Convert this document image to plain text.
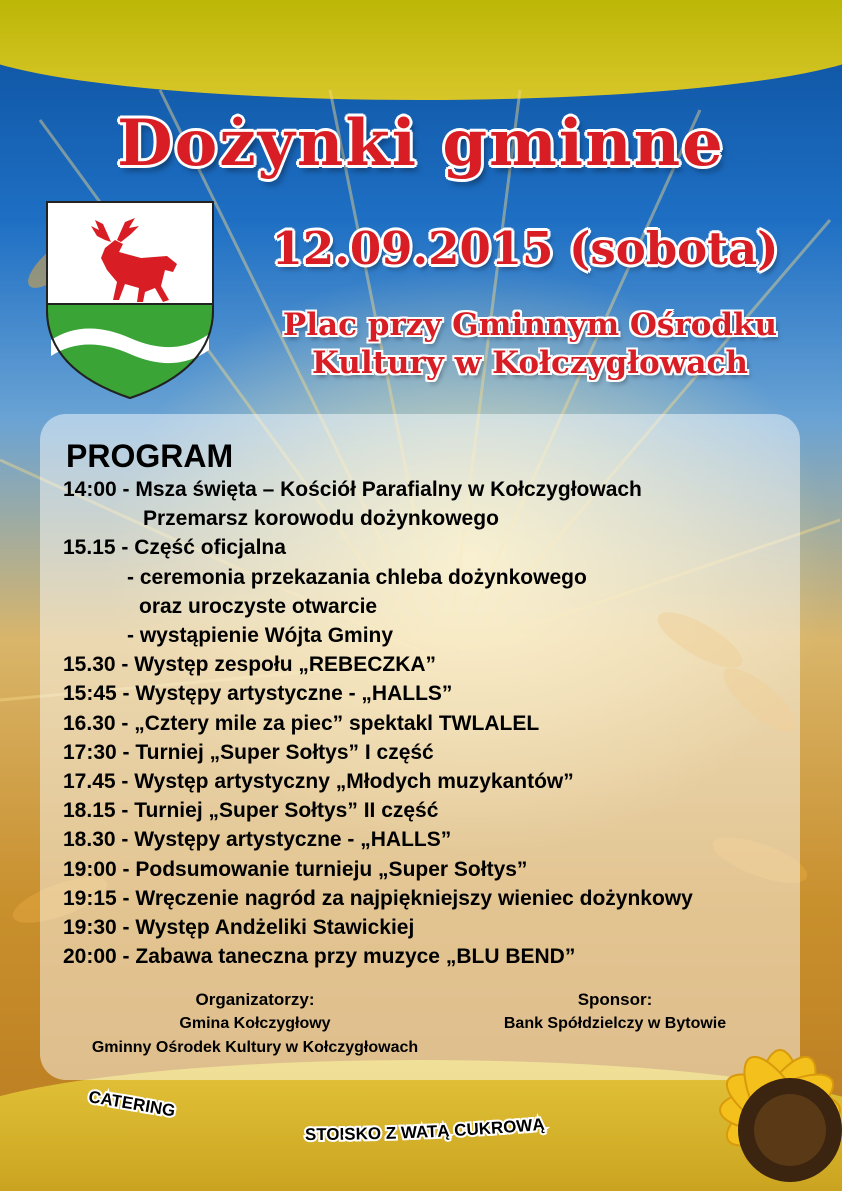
Dożynki gminne
12.09.2015 (sobota)
Plac przy Gminnym Ośrodku
Kultury w Kołczygłowach
PROGRAM
14:00 - Msza święta – Kościół Parafialny w Kołczygłowach
Przemarsz korowodu dożynkowego
15.15 - Część oficjalna
- ceremonia przekazania chleba dożynkowego
oraz uroczyste otwarcie
- wystąpienie Wójta Gminy
15.30 - Występ zespołu „REBECZKA”
15:45 - Występy artystyczne - „HALLS”
16.30 - „Cztery mile za piec” spektakl TWLALEL
17:30 - Turniej „Super Sołtys” I część
17.45 - Występ artystyczny „Młodych muzykantów”
18.15 - Turniej „Super Sołtys” II część
18.30 - Występy artystyczne - „HALLS”
19:00 - Podsumowanie turnieju „Super Sołtys”
19:15 - Wręczenie nagród za najpiękniejszy wieniec dożynkowy
19:30 - Występ Andżeliki Stawickiej
20:00 - Zabawa taneczna przy muzyce „BLU BEND”
Organizatorzy:
Gmina Kołczygłowy
Gminny Ośrodek Kultury w Kołczygłowach
Sponsor:
Bank Spółdzielczy w Bytowie
CATERING
STOISKO Z WATĄ CUKROWĄ
